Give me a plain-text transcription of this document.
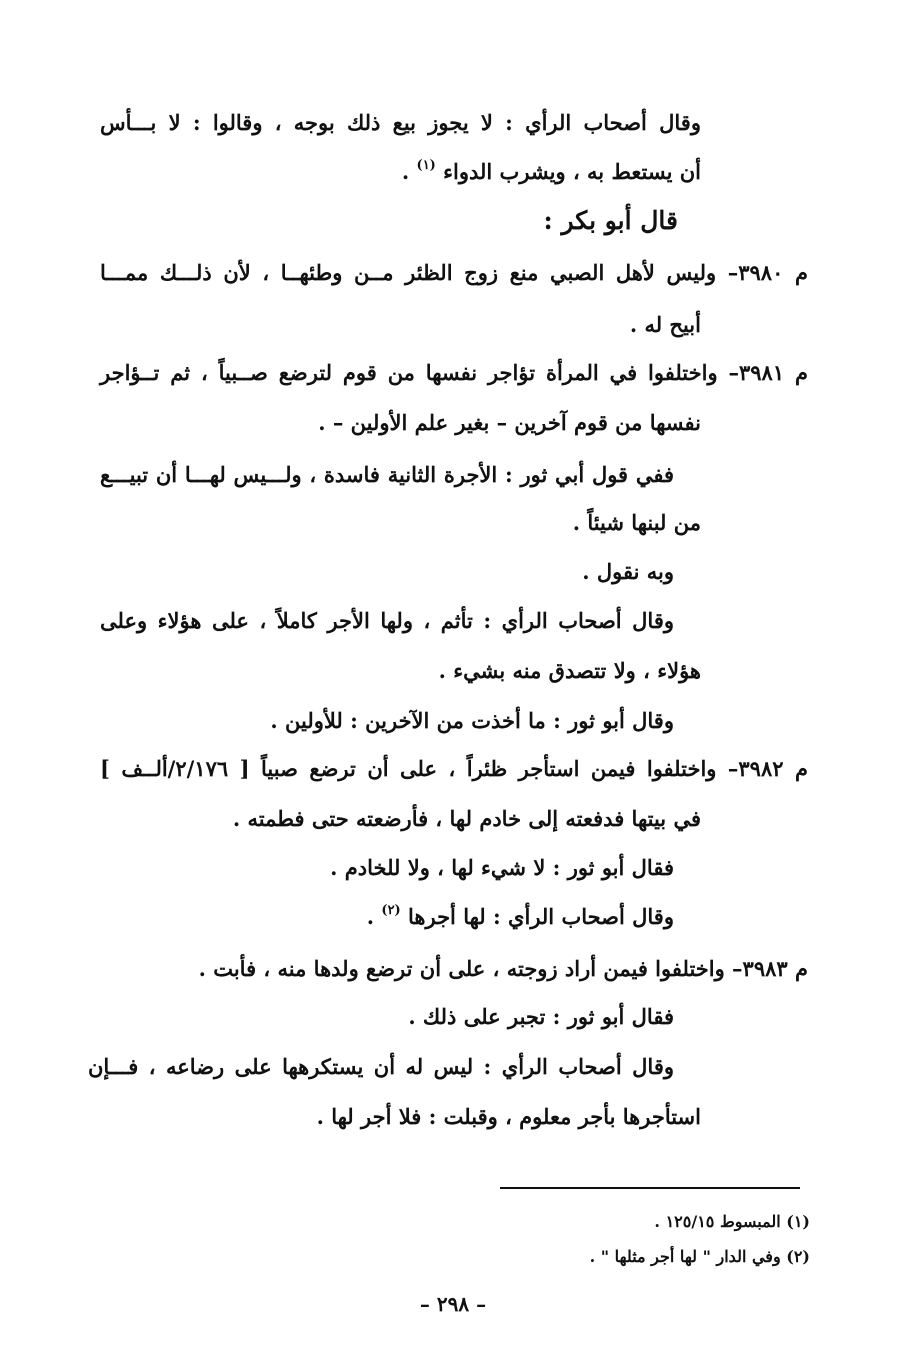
وقال أصحاب الرأي : لا يجوز بيع ذلك بوجه ، وقالوا : لا بـــأس
أن يستعط به ، ويشرب الدواء $^{(١)}$ .
قال أبو بكر :
م ٣٩٨٠– وليس لأهل الصبي منع زوج الظئر مــن وطئهــا ، لأن ذلـــك ممـــا
أبيح له .
م ٣٩٨١– واختلفوا في المرأة تؤاجر نفسها من قوم لترضع صــبياً ، ثم تــؤاجر
نفسها من قوم آخرين – بغير علم الأولين – .
ففي قول أبي ثور : الأجرة الثانية فاسدة ، ولـــيس لهـــا أن تبيـــع
من لبنها شيئاً .
وبه نقول .
وقال أصحاب الرأي : تأثم ، ولها الأجر كاملاً ، على هؤلاء وعلى
هؤلاء ، ولا تتصدق منه بشيء .
وقال أبو ثور : ما أخذت من الآخرين : للأولين .
م ٣٩٨٢– واختلفوا فيمن استأجر ظئراً ، على أن ترضع صبياً [ ٢/١٧٦/ألــف ]
في بيتها فدفعته إلى خادم لها ، فأرضعته حتى فطمته .
فقال أبو ثور : لا شيء لها ، ولا للخادم .
وقال أصحاب الرأي : لها أجرها $^{(٢)}$ .
م ٣٩٨٣– واختلفوا فيمن أراد زوجته ، على أن ترضع ولدها منه ، فأبت .
فقال أبو ثور : تجبر على ذلك .
وقال أصحاب الرأي : ليس له أن يستكرهها على رضاعه ، فـــإن
استأجرها بأجر معلوم ، وقبلت : فلا أجر لها .
(١) المبسوط ١٢٥/١٥ .
(٢) وفي الدار " لها أجر مثلها " .
– ٢٩٨ –
